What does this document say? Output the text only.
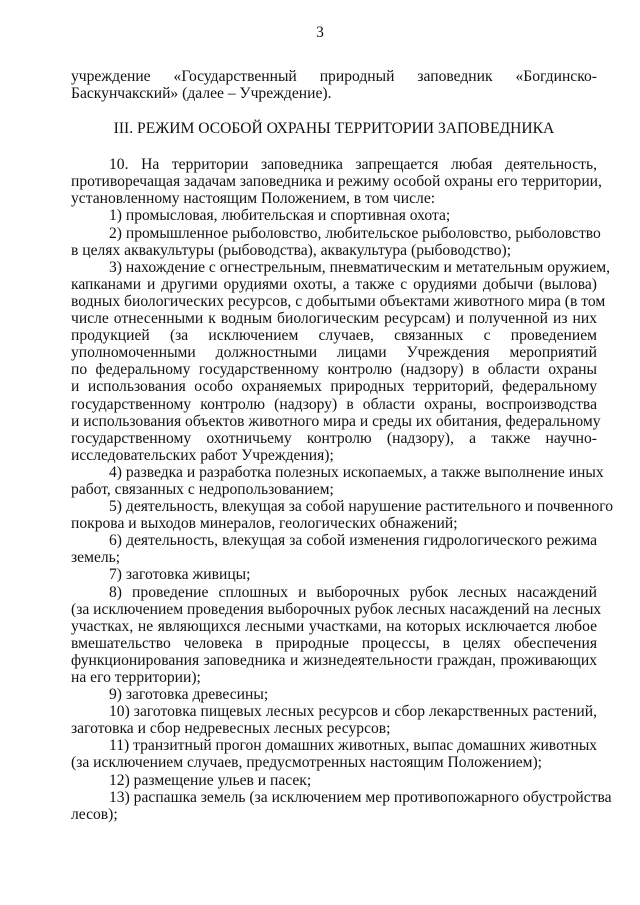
3
учреждение «Государственный природный заповедник «Богдинско-
Баскунчакский» (далее – Учреждение).
III. РЕЖИМ ОСОБОЙ ОХРАНЫ ТЕРРИТОРИИ ЗАПОВЕДНИКА
10. На территории заповедника запрещается любая деятельность,
противоречащая задачам заповедника и режиму особой охраны его территории,
установленному настоящим Положением, в том числе:
1) промысловая, любительская и спортивная охота;
2) промышленное рыболовство, любительское рыболовство, рыболовство
в целях аквакультуры (рыбоводства), аквакультура (рыбоводство);
3) нахождение с огнестрельным, пневматическим и метательным оружием,
капканами и другими орудиями охоты, а также с орудиями добычи (вылова)
водных биологических ресурсов, с добытыми объектами животного мира (в том
числе отнесенными к водным биологическим ресурсам) и полученной из них
продукцией (за исключением случаев, связанных с проведением
уполномоченными должностными лицами Учреждения мероприятий
по федеральному государственному контролю (надзору) в области охраны
и использования особо охраняемых природных территорий, федеральному
государственному контролю (надзору) в области охраны, воспроизводства
и использования объектов животного мира и среды их обитания, федеральному
государственному охотничьему контролю (надзору), а также научно-
исследовательских работ Учреждения);
4) разведка и разработка полезных ископаемых, а также выполнение иных
работ, связанных с недропользованием;
5) деятельность, влекущая за собой нарушение растительного и почвенного
покрова и выходов минералов, геологических обнажений;
6) деятельность, влекущая за собой изменения гидрологического режима
земель;
7) заготовка живицы;
8) проведение сплошных и выборочных рубок лесных насаждений
(за исключением проведения выборочных рубок лесных насаждений на лесных
участках, не являющихся лесными участками, на которых исключается любое
вмешательство человека в природные процессы, в целях обеспечения
функционирования заповедника и жизнедеятельности граждан, проживающих
на его территории);
9) заготовка древесины;
10) заготовка пищевых лесных ресурсов и сбор лекарственных растений,
заготовка и сбор недревесных лесных ресурсов;
11) транзитный прогон домашних животных, выпас домашних животных
(за исключением случаев, предусмотренных настоящим Положением);
12) размещение ульев и пасек;
13) распашка земель (за исключением мер противопожарного обустройства
лесов);
